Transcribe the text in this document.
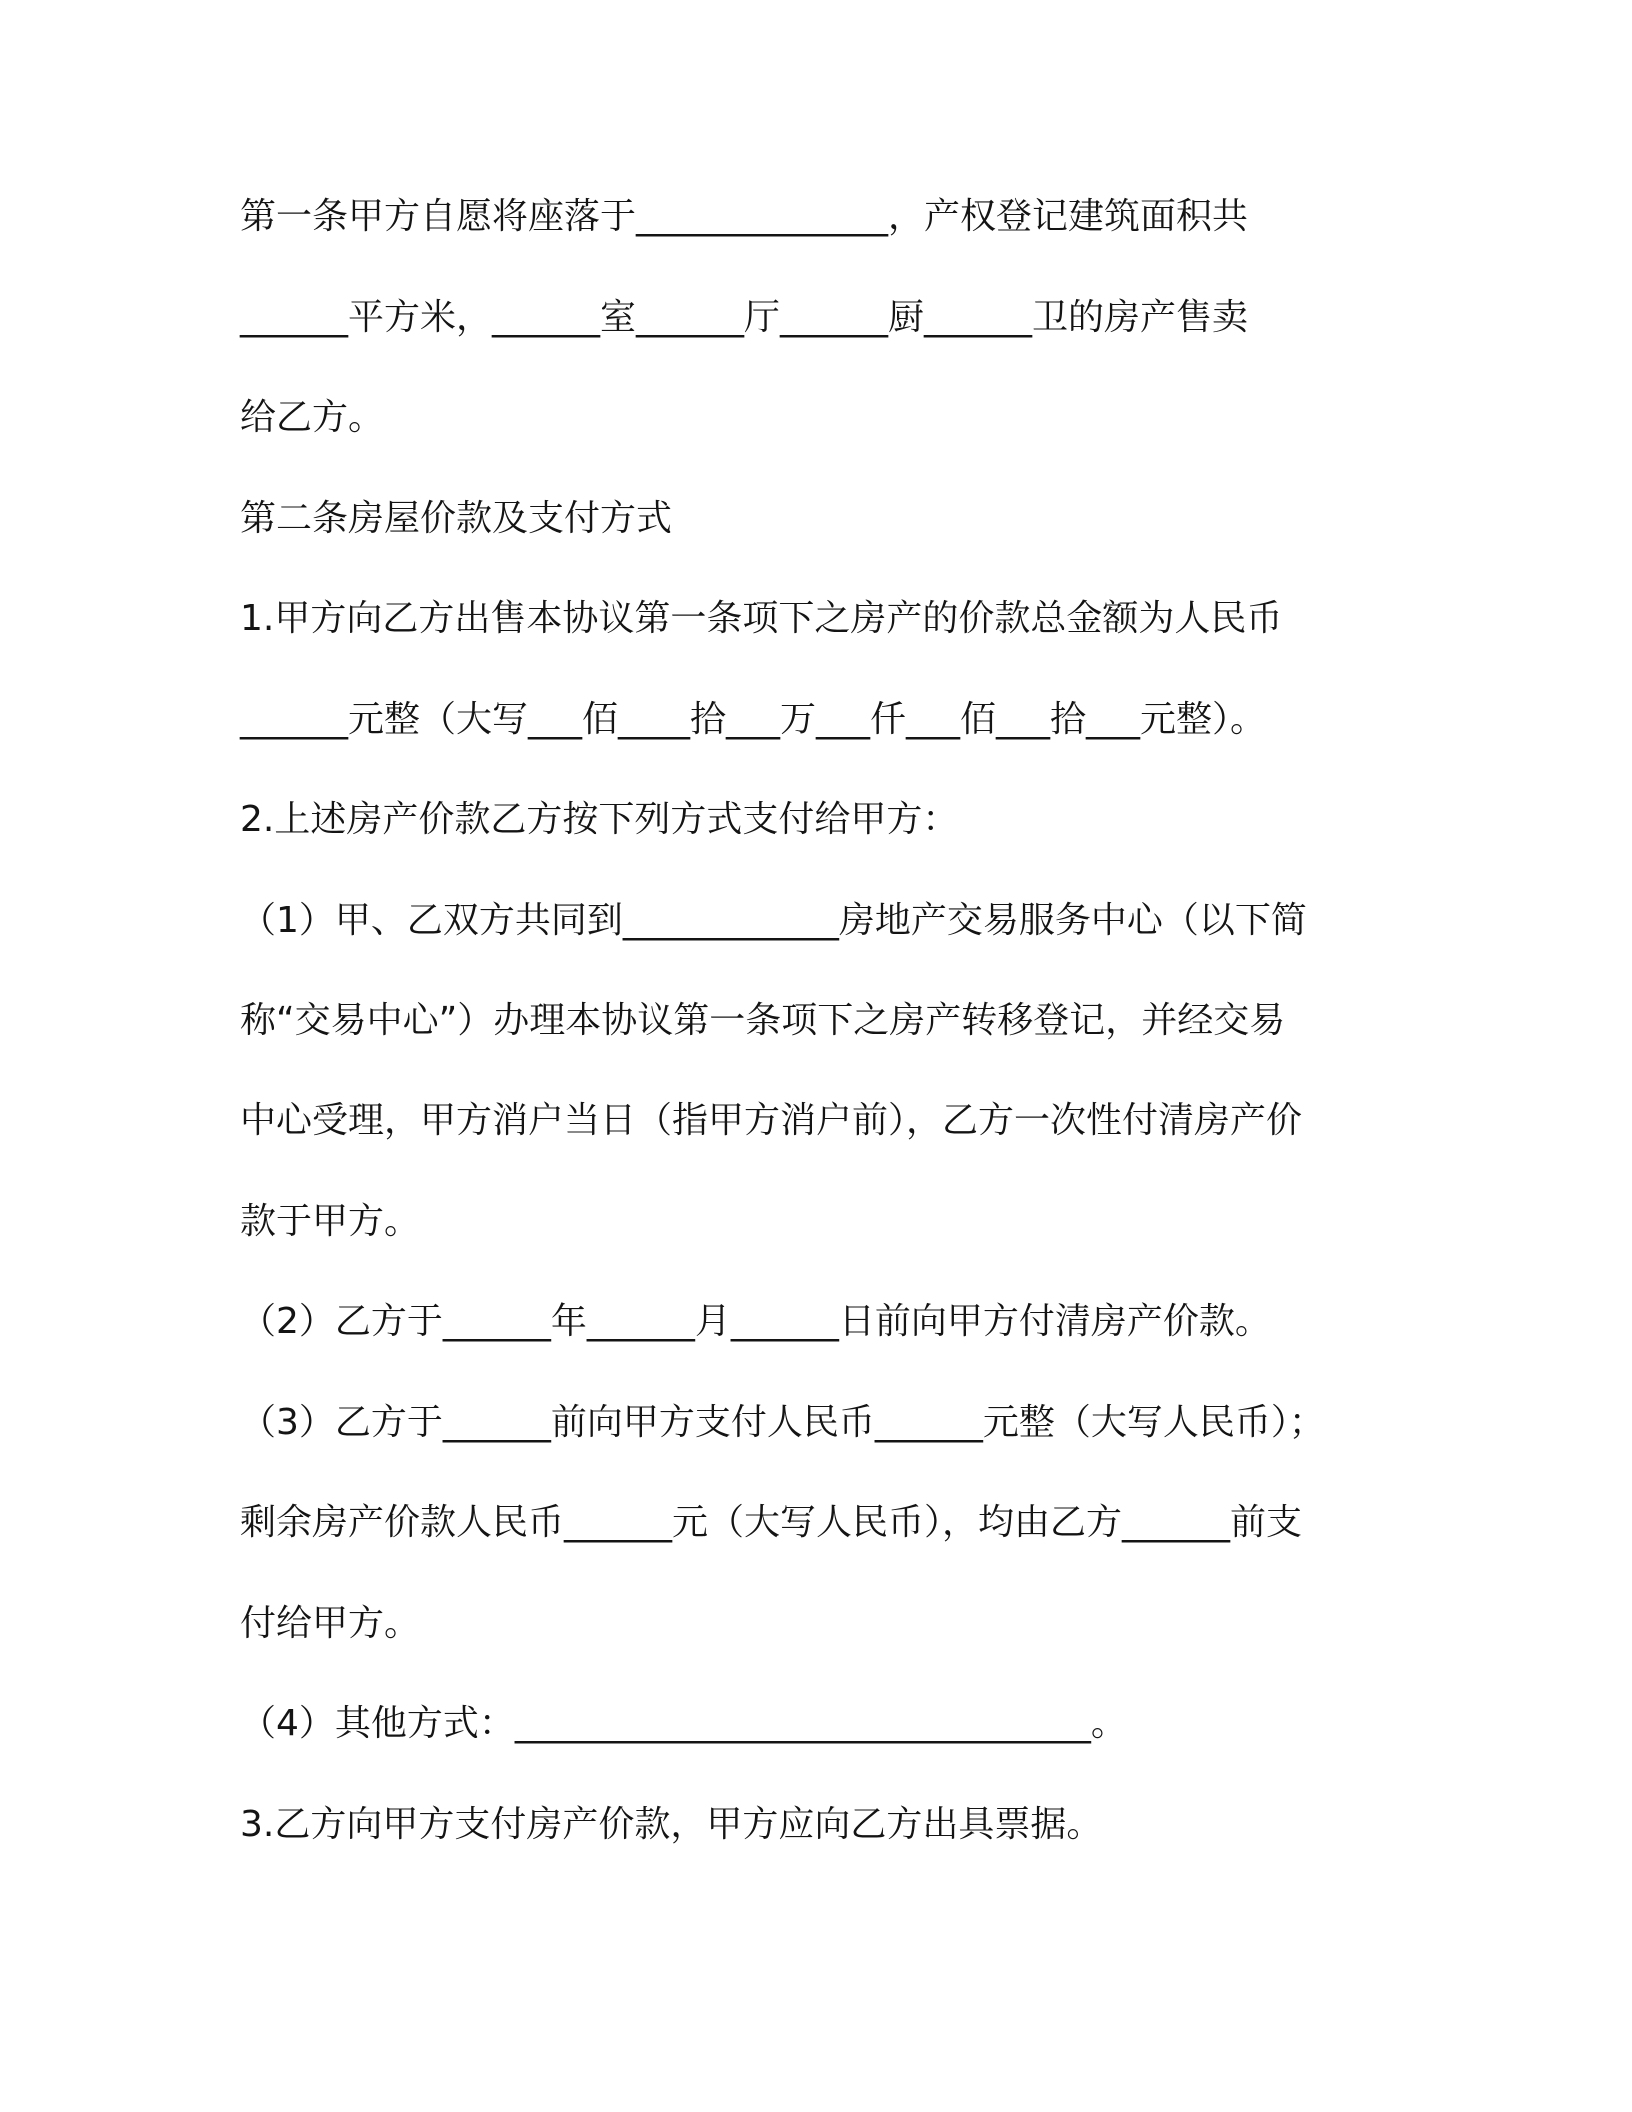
第一条甲方自愿将座落于______________，产权登记建筑面积共
______平方米，______室______厅______厨______卫的房产售卖
给乙方。
第二条房屋价款及支付方式
1.甲方向乙方出售本协议第一条项下之房产的价款总金额为人民币
______元整（大写___佰____拾___万___仟___佰___拾___元整）。
2.上述房产价款乙方按下列方式支付给甲方：
（1）甲、乙双方共同到____________房地产交易服务中心（以下简
称“交易中心”）办理本协议第一条项下之房产转移登记，并经交易
中心受理，甲方消户当日（指甲方消户前），乙方一次性付清房产价
款于甲方。
（2）乙方于______年______月______日前向甲方付清房产价款。
（3）乙方于______前向甲方支付人民币______元整（大写人民币）；
剩余房产价款人民币______元（大写人民币），均由乙方______前支
付给甲方。
（4）其他方式：________________________________。
3.乙方向甲方支付房产价款，甲方应向乙方出具票据。
